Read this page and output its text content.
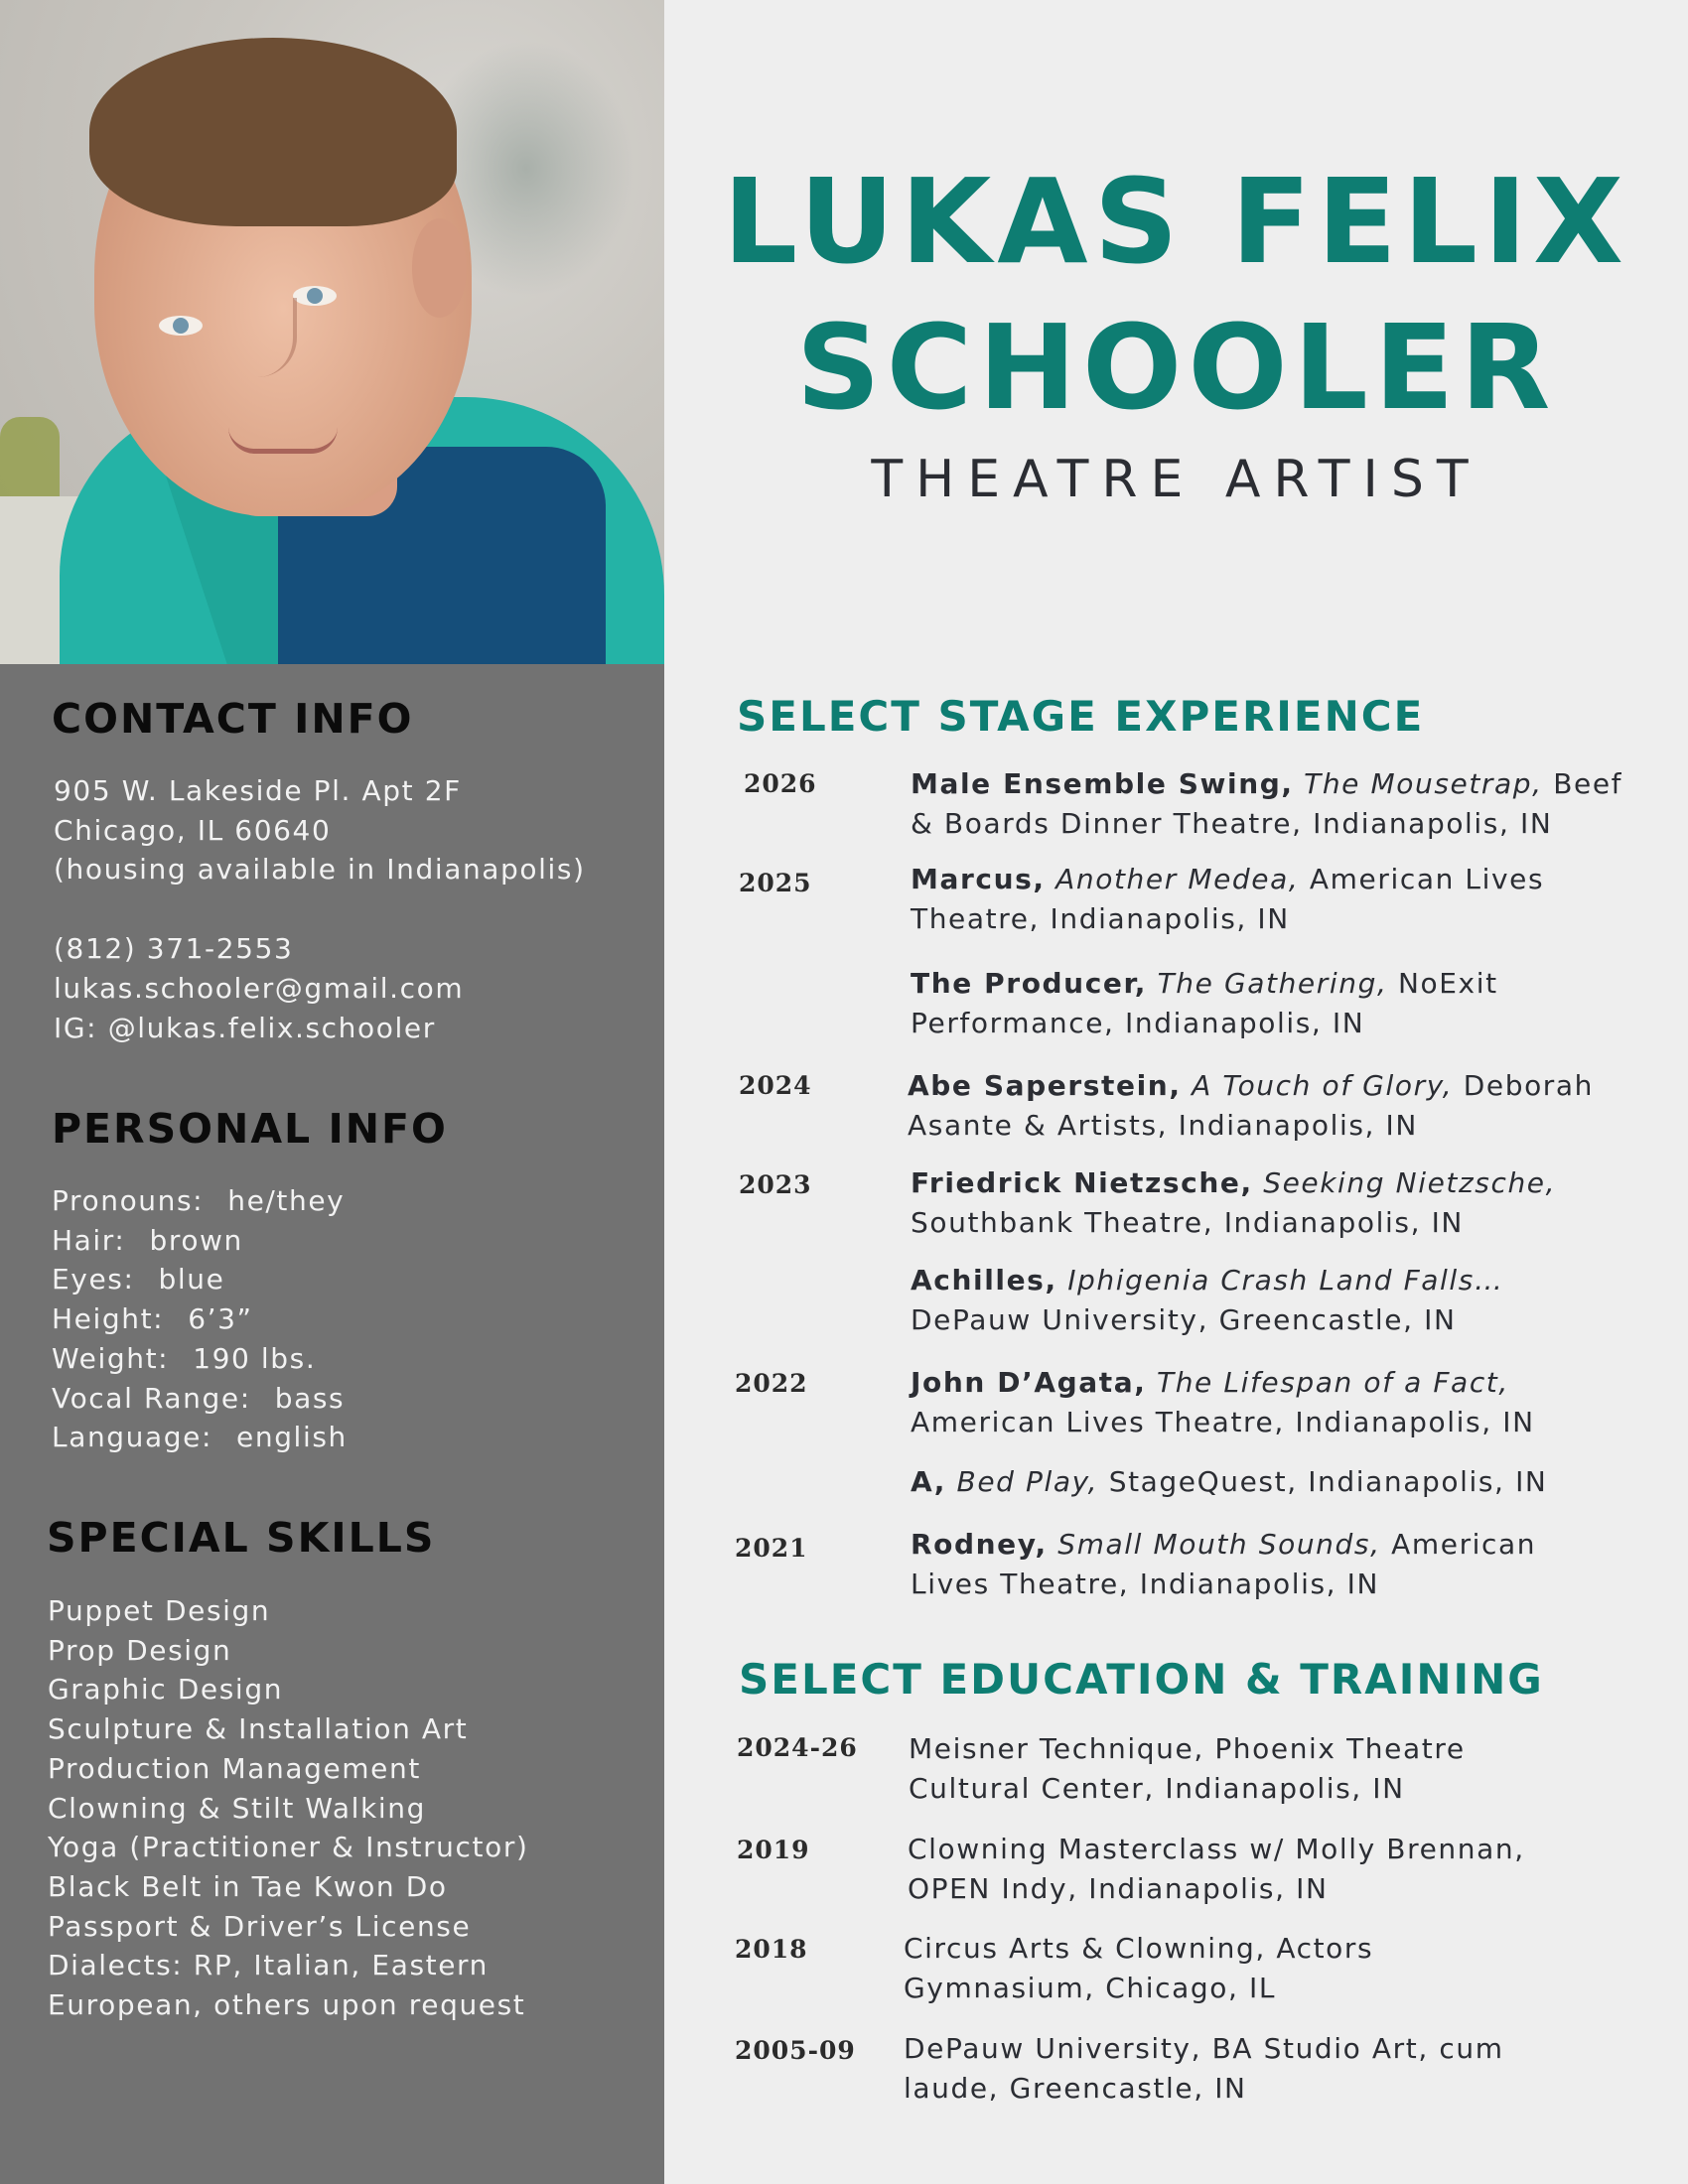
CONTACT INFO
905 W. Lakeside Pl. Apt 2F
Chicago, IL 60640
(housing available in Indianapolis)
(812) 371-2553
lukas.schooler@gmail.com
IG: @lukas.felix.schooler
PERSONAL INFO
Pronouns: he/they
Hair: brown
Eyes: blue
Height: 6’3”
Weight: 190 lbs.
Vocal Range: bass
Language: english
SPECIAL SKILLS
Puppet Design
Prop Design
Graphic Design
Sculpture & Installation Art
Production Management
Clowning & Stilt Walking
Yoga (Practitioner & Instructor)
Black Belt in Tae Kwon Do
Passport & Driver’s License
Dialects: RP, Italian, Eastern
European, others upon request
LUKAS FELIX
SCHOOLER
THEATRE ARTIST
SELECT STAGE EXPERIENCE
2026
2025
2024
2023
2022
2021
Male Ensemble Swing, The Mousetrap, Beef
& Boards Dinner Theatre, Indianapolis, IN
Marcus, Another Medea, American Lives
Theatre, Indianapolis, IN
The Producer, The Gathering, NoExit
Performance, Indianapolis, IN
Abe Saperstein, A Touch of Glory, Deborah
Asante & Artists, Indianapolis, IN
Friedrick Nietzsche, Seeking Nietzsche,
Southbank Theatre, Indianapolis, IN
Achilles, Iphigenia Crash Land Falls…
DePauw University, Greencastle, IN
John D’Agata, The Lifespan of a Fact,
American Lives Theatre, Indianapolis, IN
A, Bed Play, StageQuest, Indianapolis, IN
Rodney, Small Mouth Sounds, American
Lives Theatre, Indianapolis, IN
SELECT EDUCATION & TRAINING
2024-26 Meisner Technique, Phoenix Theatre
Cultural Center, Indianapolis, IN
2019	Clowning Masterclass w/ Molly Brennan,
OPEN Indy, Indianapolis, IN
2018	Circus Arts & Clowning, Actors
Gymnasium, Chicago, IL
2005-09 DePauw University, BA Studio Art, cum
laude, Greencastle, IN
